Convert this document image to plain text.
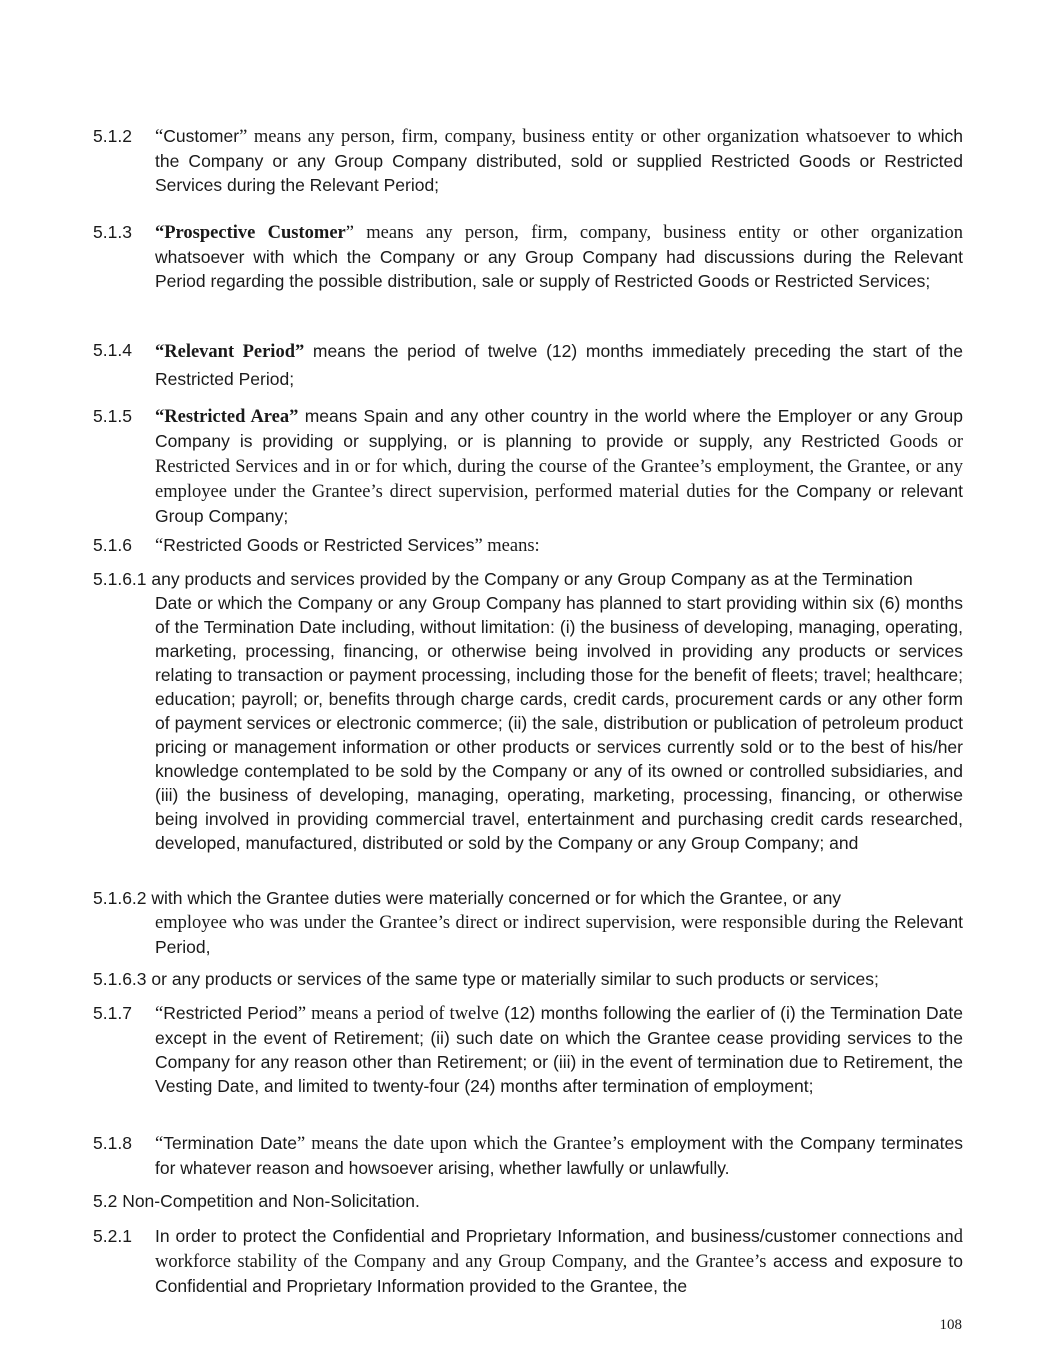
5.1.2	“Customer” means any person, firm, company, business entity or other organization whatsoever to which the Company or any Group Company distributed, sold or supplied Restricted Goods or Restricted Services during the Relevant Period;
5.1.3	“Prospective Customer” means any person, firm, company, business entity or other organization whatsoever with which the Company or any Group Company had discussions during the Relevant Period regarding the possible distribution, sale or supply of Restricted Goods or Restricted Services;
5.1.4	“Relevant Period” means the period of twelve (12) months immediately preceding the start of the Restricted Period;
5.1.5	“Restricted Area” means Spain and any other country in the world where the Employer or any Group Company is providing or supplying, or is planning to provide or supply, any Restricted Goods or Restricted Services and in or for which, during the course of the Grantee’s employment, the Grantee, or any employee under the Grantee’s direct supervision, performed material duties for the Company or relevant Group Company;
5.1.6	“Restricted Goods or Restricted Services” means:
5.1.6.1 any products and services provided by the Company or any Group Company as at the Termination
Date or which the Company or any Group Company has planned to start providing within six (6) months of the Termination Date including, without limitation: (i) the business of developing, managing, operating, marketing, processing, financing, or otherwise being involved in providing any products or services relating to transaction or payment processing, including those for the benefit of fleets; travel; healthcare; education; payroll; or, benefits through charge cards, credit cards, procurement cards or any other form of payment services or electronic commerce; (ii) the sale, distribution or publication of petroleum product pricing or management information or other products or services currently sold or to the best of his/her knowledge contemplated to be sold by the Company or any of its owned or controlled subsidiaries, and (iii) the business of developing, managing, operating, marketing, processing, financing, or otherwise being involved in providing commercial travel, entertainment and purchasing credit cards researched, developed, manufactured, distributed or sold by the Company or any Group Company; and
5.1.6.2 with which the Grantee duties were materially concerned or for which the Grantee, or any
employee who was under the Grantee’s direct or indirect supervision, were responsible during the Relevant Period,
5.1.6.3 or any products or services of the same type or materially similar to such products or services;
5.1.7	“Restricted Period” means a period of twelve (12) months following the earlier of (i) the Termination Date except in the event of Retirement; (ii) such date on which the Grantee cease providing services to the Company for any reason other than Retirement; or (iii) in the event of termination due to Retirement, the Vesting Date, and limited to twenty-four (24) months after termination of employment;
5.1.8	“Termination Date” means the date upon which the Grantee’s employment with the Company terminates for whatever reason and howsoever arising, whether lawfully or unlawfully.
5.2 Non-Competition and Non-Solicitation.
5.2.1	In order to protect the Confidential and Proprietary Information, and business/customer connections and workforce stability of the Company and any Group Company, and the Grantee’s access and exposure to Confidential and Proprietary Information provided to the Grantee, the
108
